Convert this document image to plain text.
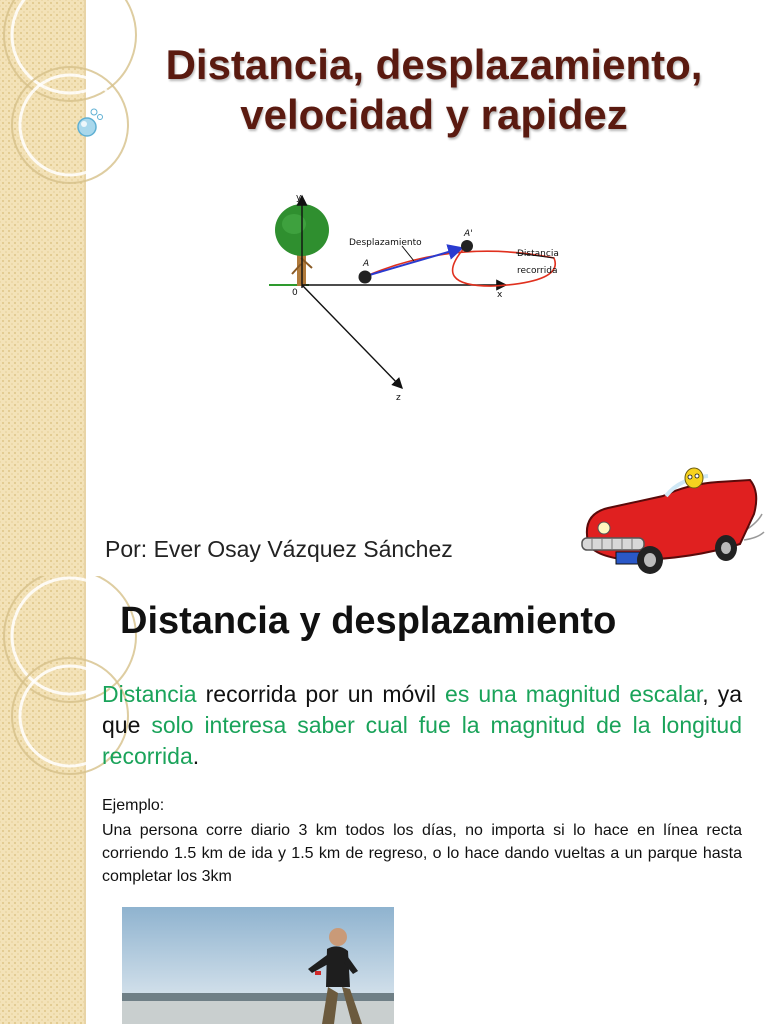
Distancia, desplazamiento, velocidad y rapidez
y
0	x
z
A
A'
Desplazamiento
Distancia
recorrida
Por: Ever Osay Vázquez Sánchez
Distancia y desplazamiento
Distancia recorrida por un móvil es una magnitud escalar, ya que solo interesa saber cual fue la magnitud de la longitud recorrida.
Ejemplo:
Una persona corre diario 3 km todos los días, no importa si lo hace en línea recta corriendo 1.5 km de ida y 1.5 km de regreso, o lo hace dando vueltas a un parque hasta completar los 3km
